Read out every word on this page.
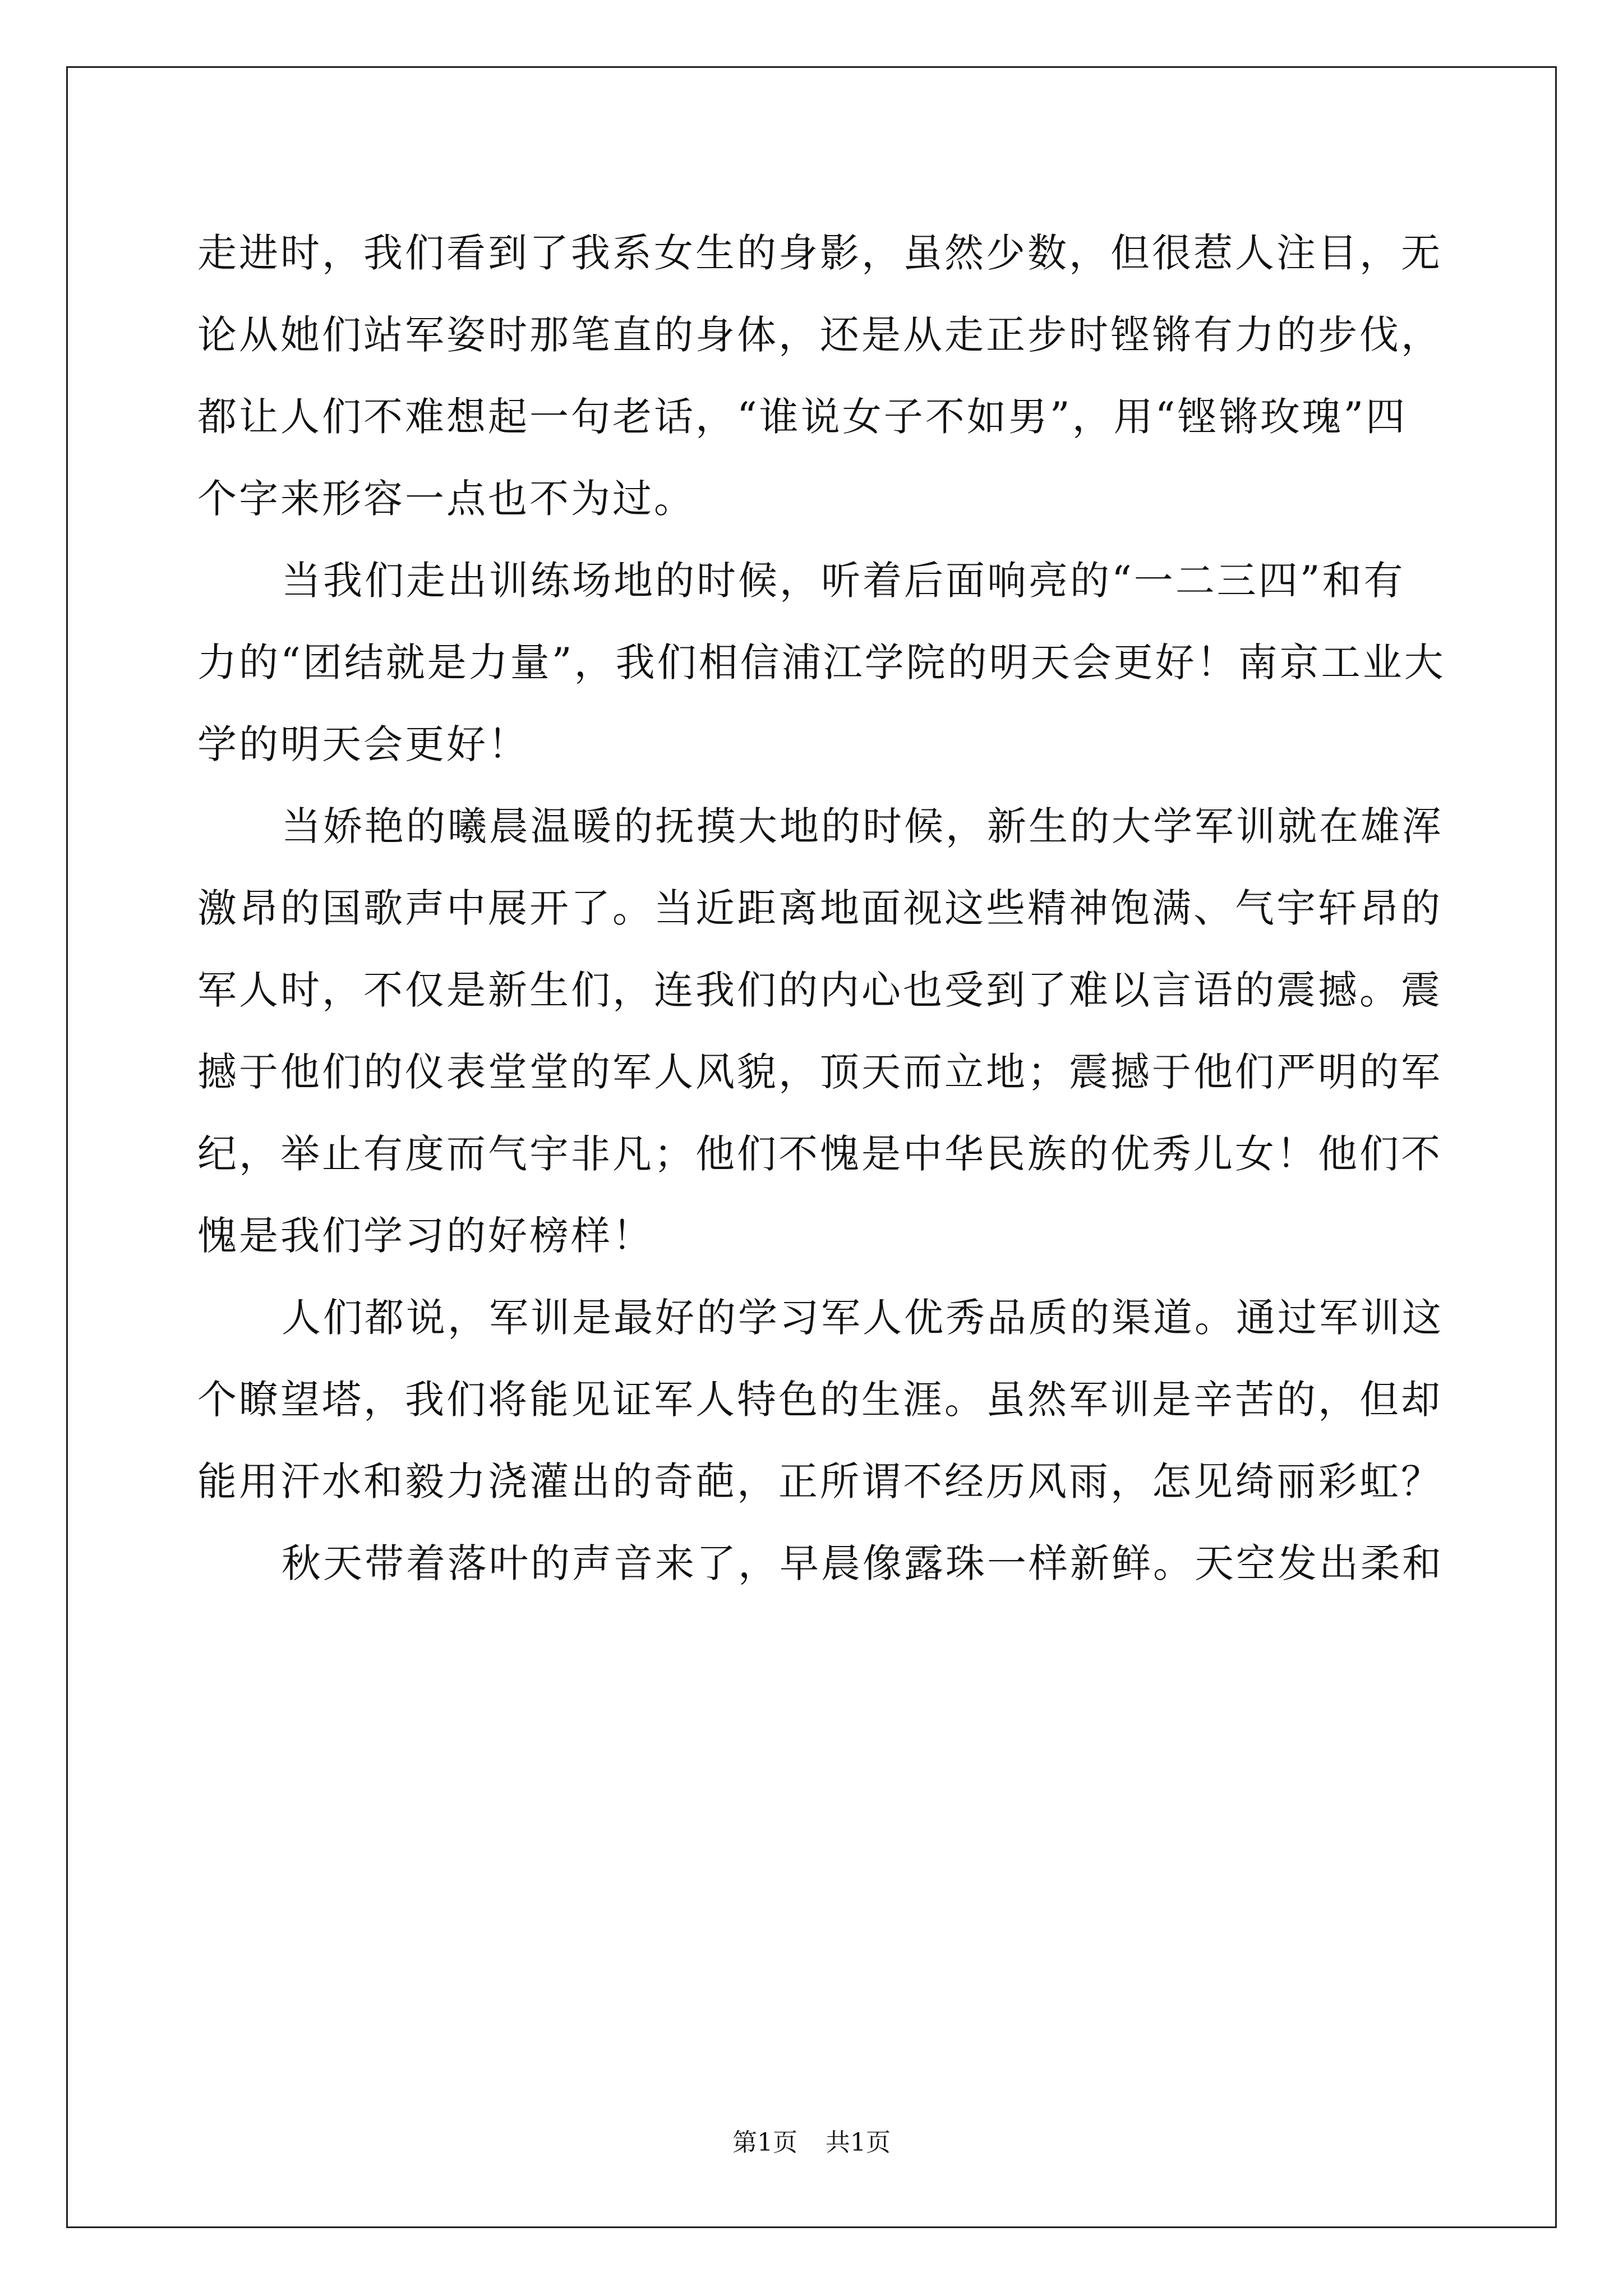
走进时，我们看到了我系女生的身影，虽然少数，但很惹人注目，无
论从她们站军姿时那笔直的身体，还是从走正步时铿锵有力的步伐，
都让人们不难想起一句老话，“谁说女子不如男”，用“铿锵玫瑰”四
个字来形容一点也不为过。
当我们走出训练场地的时候，听着后面响亮的“一二三四”和有
力的“团结就是力量”，我们相信浦江学院的明天会更好！南京工业大
学的明天会更好！
当娇艳的曦晨温暖的抚摸大地的时候，新生的大学军训就在雄浑
激昂的国歌声中展开了。当近距离地面视这些精神饱满、气宇轩昂的
军人时，不仅是新生们，连我们的内心也受到了难以言语的震撼。震
撼于他们的仪表堂堂的军人风貌，顶天而立地；震撼于他们严明的军
纪，举止有度而气宇非凡；他们不愧是中华民族的优秀儿女！他们不
愧是我们学习的好榜样！
人们都说，军训是最好的学习军人优秀品质的渠道。通过军训这
个瞭望塔，我们将能见证军人特色的生涯。虽然军训是辛苦的，但却
能用汗水和毅力浇灌出的奇葩，正所谓不经历风雨，怎见绮丽彩虹？
秋天带着落叶的声音来了，早晨像露珠一样新鲜。天空发出柔和
第1页 共1页
